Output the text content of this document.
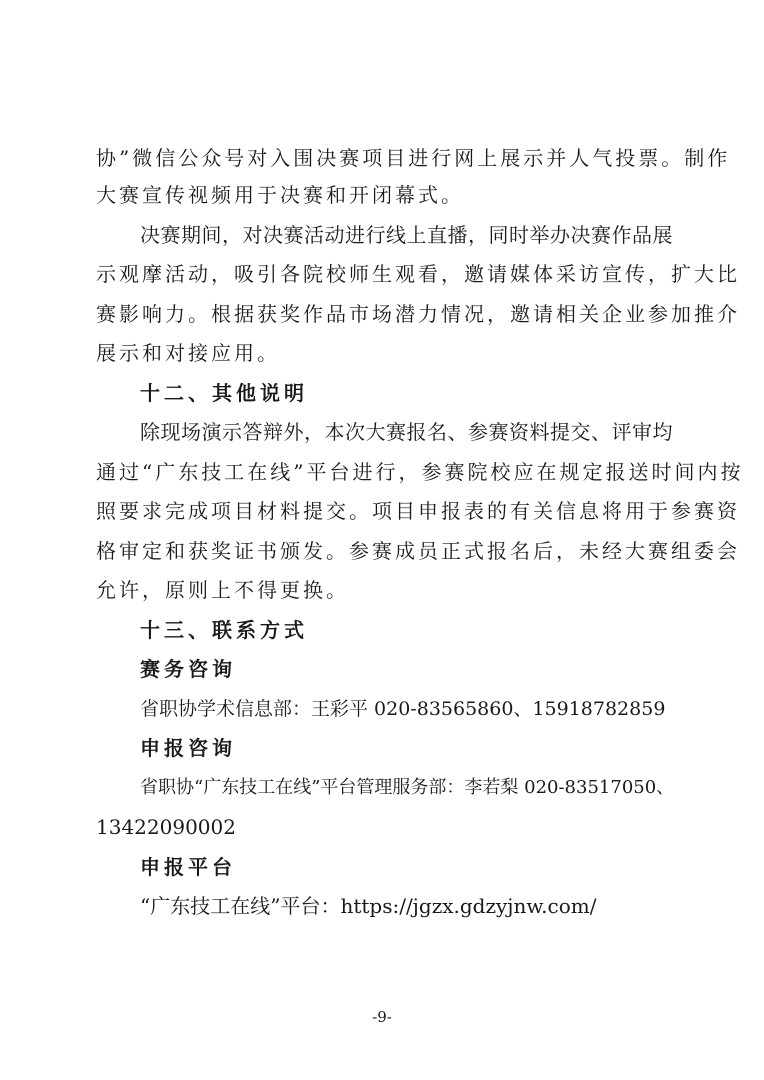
协”微信公众号对入围决赛项目进行网上展示并人气投票。制作
大赛宣传视频用于决赛和开闭幕式。
决赛期间，对决赛活动进行线上直播，同时举办决赛作品展
示观摩活动，吸引各院校师生观看，邀请媒体采访宣传，扩大比
赛影响力。根据获奖作品市场潜力情况，邀请相关企业参加推介
展示和对接应用。
十二、其他说明
除现场演示答辩外，本次大赛报名、参赛资料提交、评审均
通过“广东技工在线”平台进行，参赛院校应在规定报送时间内按
照要求完成项目材料提交。项目申报表的有关信息将用于参赛资
格审定和获奖证书颁发。参赛成员正式报名后，未经大赛组委会
允许，原则上不得更换。
十三、联系方式
赛务咨询
省职协学术信息部：王彩平 020-83565860、15918782859
申报咨询
省职协“广东技工在线”平台管理服务部：李若梨 020-83517050、
13422090002
申报平台
“广东技工在线”平台：https://jgzx.gdzyjnw.com/
-9-
